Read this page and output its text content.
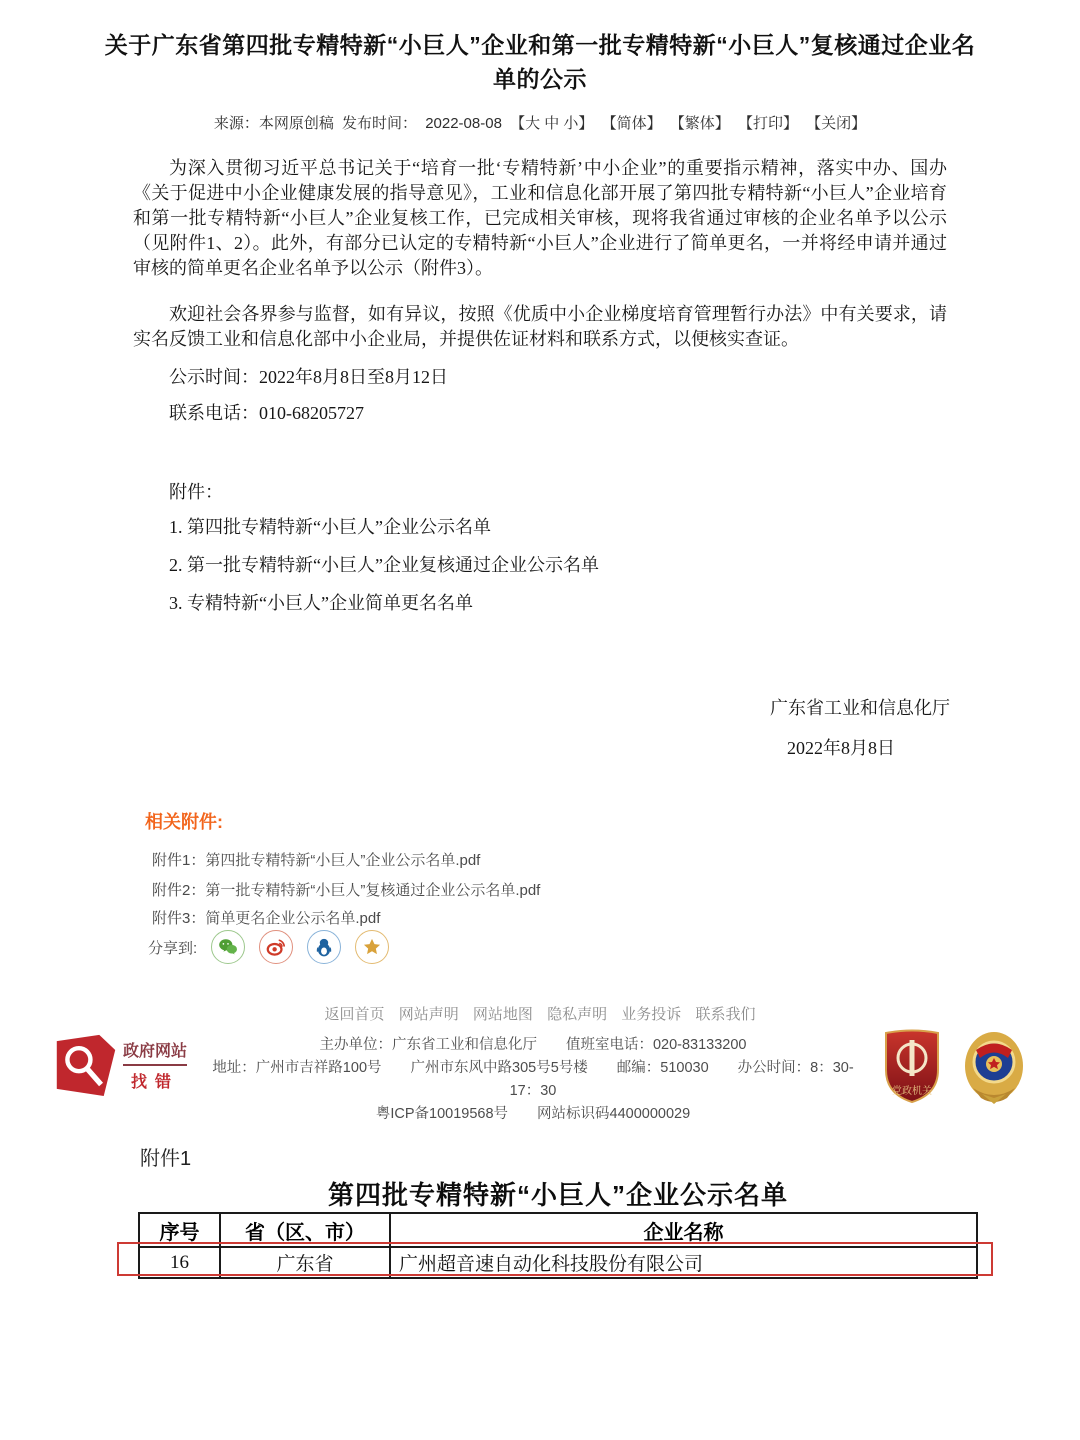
关于广东省第四批专精特新“小巨人”企业和第一批专精特新“小巨人”复核通过企业名单的公示
来源：本网原创稿 发布时间： 2022-08-08 【大 中 小】 【简体】 【繁体】 【打印】 【关闭】

为深入贯彻习近平总书记关于“培育一批‘专精特新’中小企业”的重要指示精神，落实中办、国办《关于促进中小企业健康发展的指导意见》，工业和信息化部开展了第四批专精特新“小巨人”企业培育和第一批专精特新“小巨人”企业复核工作，已完成相关审核，现将我省通过审核的企业名单予以公示（见附件1、2）。此外，有部分已认定的专精特新“小巨人”企业进行了简单更名，一并将经申请并通过审核的简单更名企业名单予以公示（附件3）。

欢迎社会各界参与监督，如有异议，按照《优质中小企业梯度培育管理暂行办法》中有关要求，请实名反馈工业和信息化部中小企业局，并提供佐证材料和联系方式，以便核实查证。

公示时间：2022年8月8日至8月12日
联系电话：010-68205727
附件：
1. 第四批专精特新“小巨人”企业公示名单
2. 第一批专精特新“小巨人”企业复核通过企业公示名单
3. 专精特新“小巨人”企业简单更名名单
广东省工业和信息化厅
2022年8月8日
相关附件:
附件1：第四批专精特新“小巨人”企业公示名单.pdf
附件2：第一批专精特新“小巨人”复核通过企业公示名单.pdf
附件3：简单更名企业公示名单.pdf
分享到:
返回首页 网站声明 网站地图 隐私声明 业务投诉 联系我们
政府网站
找错
主办单位：广东省工业和信息化厅　　值班室电话：020-83133200
地址：广州市吉祥路100号　　广州市东风中路305号5号楼　　邮编：510030　　办公时间：8：30-17：30
粤ICP备10019568号　　网站标识码4400000029
党政机关
附件1
第四批专精特新“小巨人”企业公示名单
序号	省（区、市）	企业名称
16	广东省	广州超音速自动化科技股份有限公司
